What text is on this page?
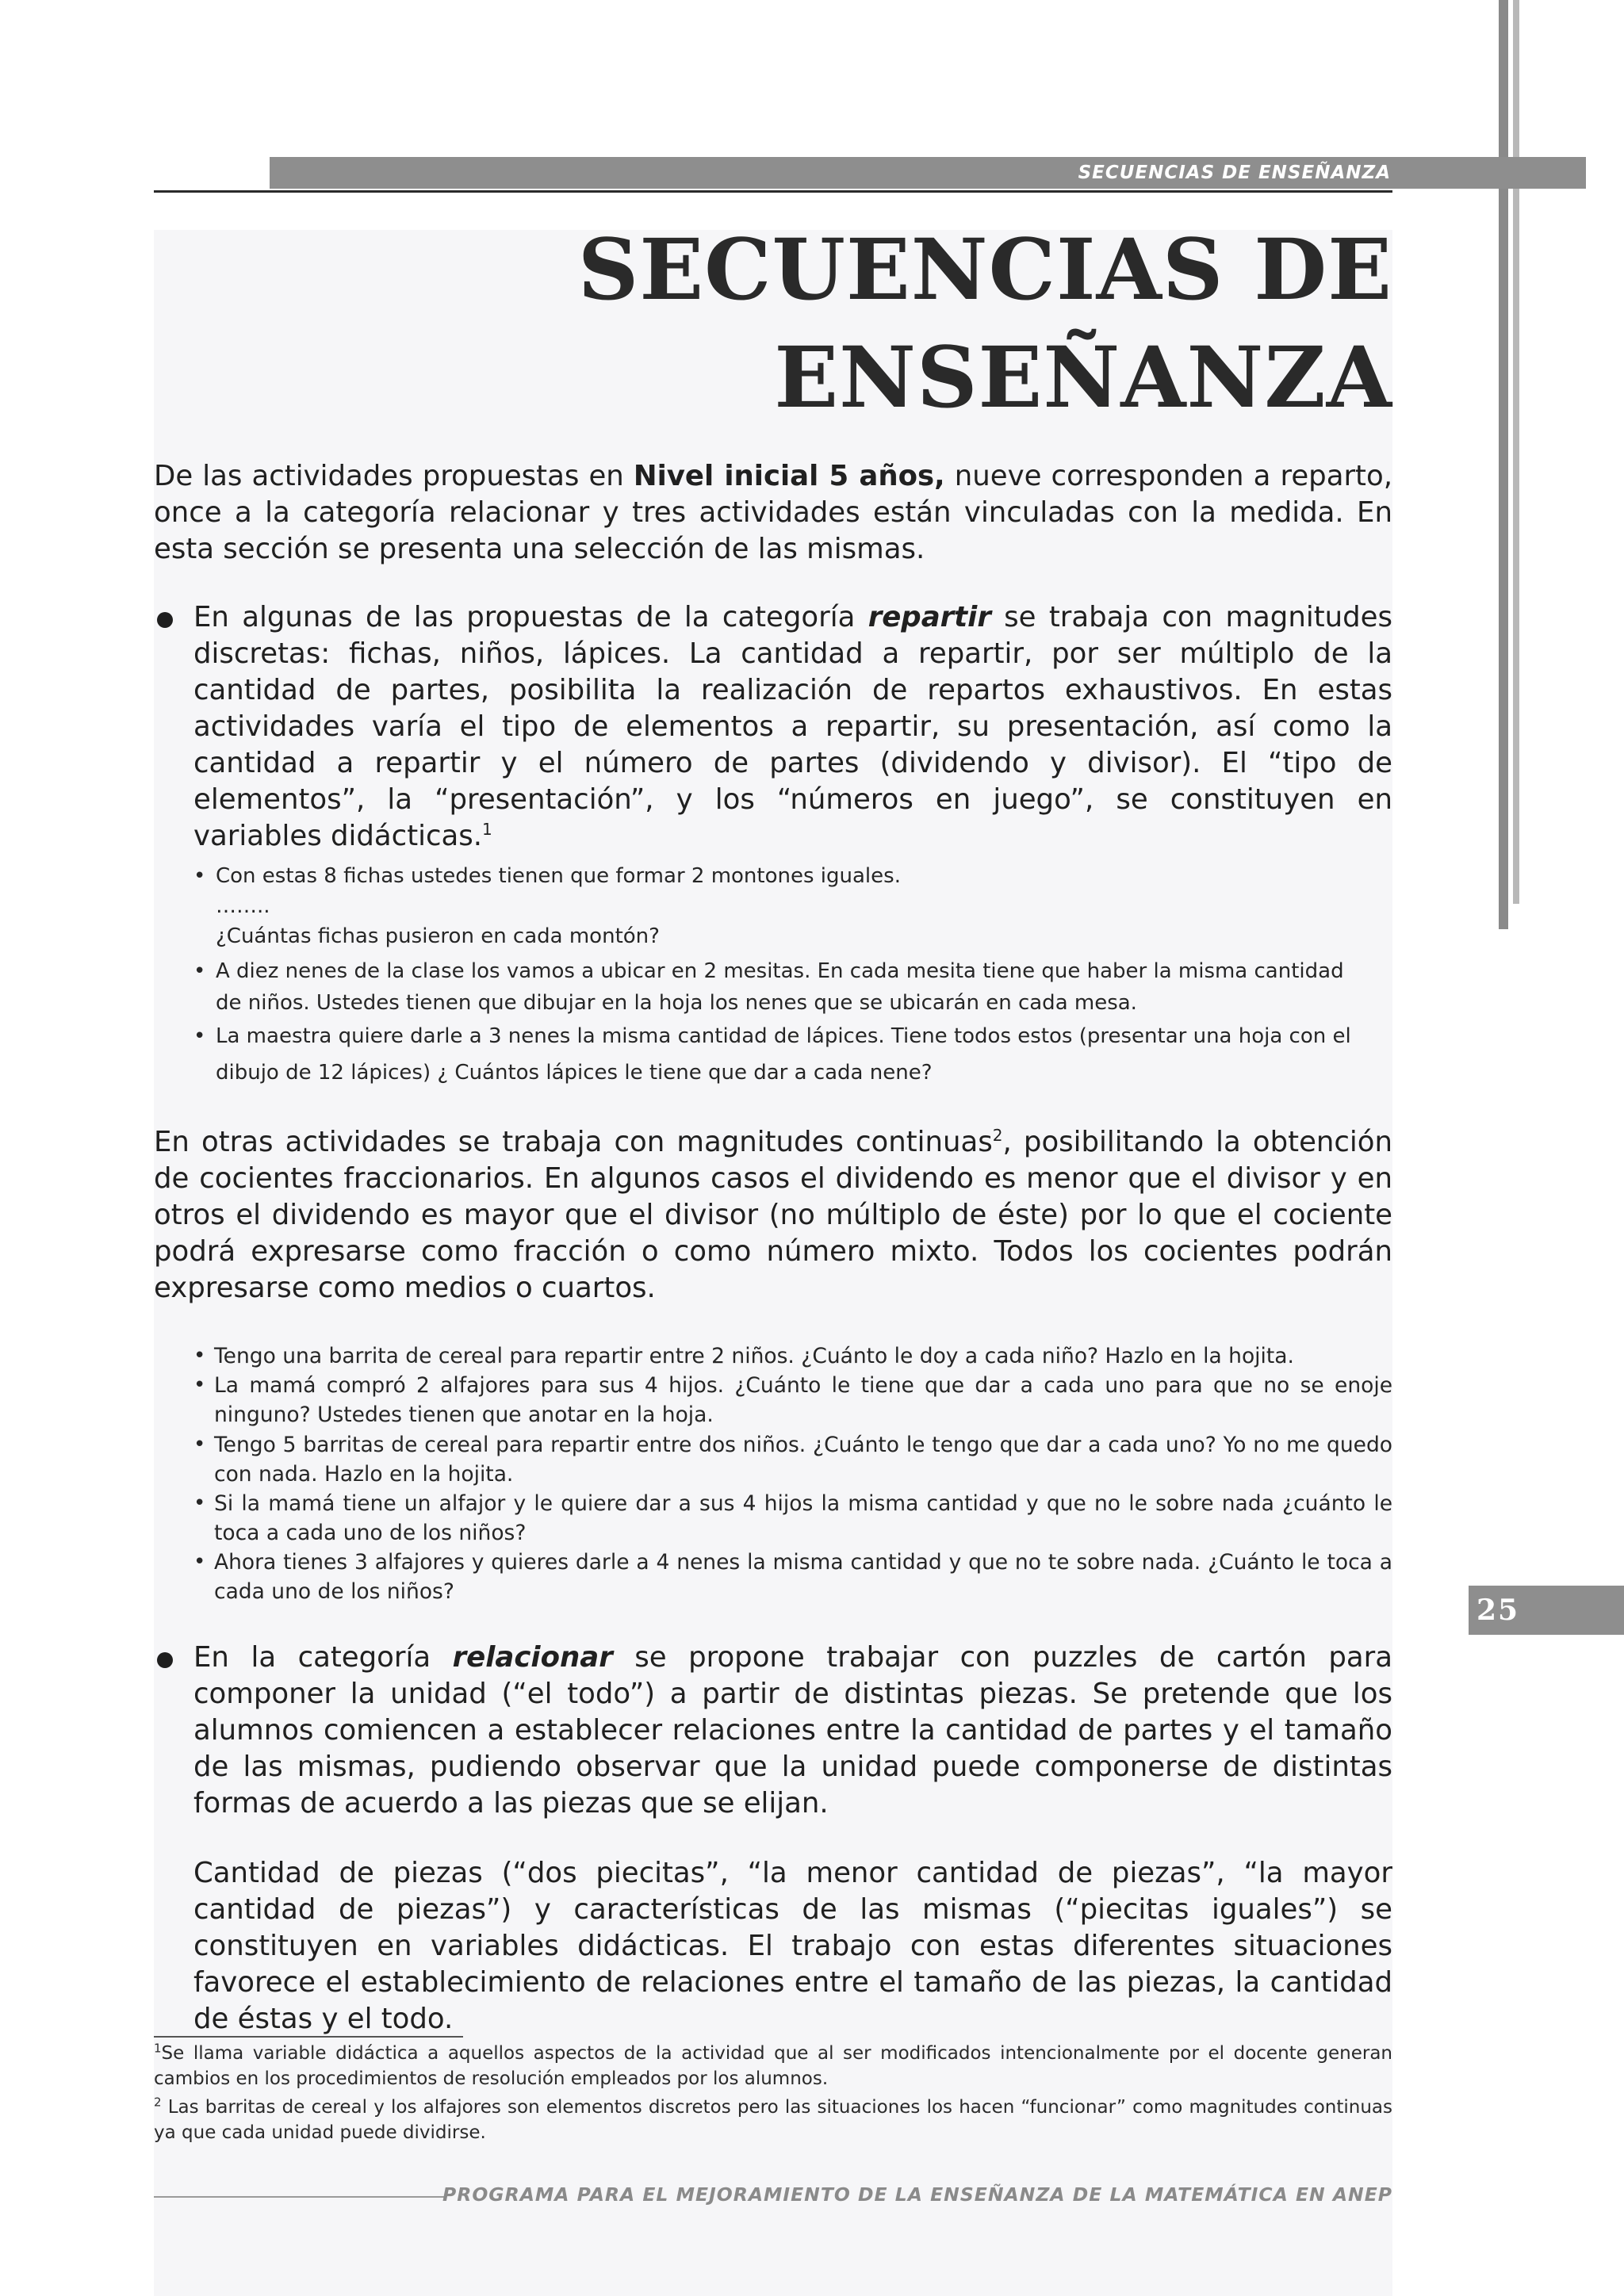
SECUENCIAS DE ENSEÑANZA
SECUENCIAS DE
ENSEÑANZA
De las actividades propuestas en Nivel inicial 5 años, nueve corresponden a reparto, once a la categoría relacionar y tres actividades están vinculadas con la medida. En esta sección se presenta una selección de las mismas.
En algunas de las propuestas de la categoría repartir se trabaja con magnitudes discretas: fichas, niños, lápices. La cantidad a repartir, por ser múltiplo de la cantidad de partes, posibilita la realización de repartos exhaustivos. En estas actividades varía el tipo de elementos a repartir, su presentación, así como la cantidad a repartir y el número de partes (dividendo y divisor). El “tipo de elementos”, la “presentación”, y los “números en juego”, se constituyen en variables didácticas.$^1$
• Con estas 8 fichas ustedes tienen que formar 2 montones iguales.
……..
¿Cuántas fichas pusieron en cada montón?
• A diez nenes de la clase los vamos a ubicar en 2 mesitas. En cada mesita tiene que haber la misma cantidad
de niños. Ustedes tienen que dibujar en la hoja los nenes que se ubicarán en cada mesa.
• La maestra quiere darle a 3 nenes la misma cantidad de lápices. Tiene todos estos (presentar una hoja con el
dibujo de 12 lápices) ¿ Cuántos lápices le tiene que dar a cada nene?
En otras actividades se trabaja con magnitudes continuas$^2$, posibilitando la obtención de cocientes fraccionarios. En algunos casos el dividendo es menor que el divisor y en otros el dividendo es mayor que el divisor (no múltiplo de éste) por lo que el cociente podrá expresarse como fracción o como número mixto. Todos los cocientes podrán expresarse como medios o cuartos.
• Tengo una barrita de cereal para repartir entre 2 niños. ¿Cuánto le doy a cada niño? Hazlo en la hojita.
• La mamá compró 2 alfajores para sus 4 hijos. ¿Cuánto le tiene que dar a cada uno para que no se enoje ninguno? Ustedes tienen que anotar en la hoja.
• Tengo 5 barritas de cereal para repartir entre dos niños. ¿Cuánto le tengo que dar a cada uno? Yo no me quedo con nada. Hazlo en la hojita.
• Si la mamá tiene un alfajor y le quiere dar a sus 4 hijos la misma cantidad y que no le sobre nada ¿cuánto le toca a cada uno de los niños?
• Ahora tienes 3 alfajores y quieres darle a 4 nenes la misma cantidad y que no te sobre nada. ¿Cuánto le toca a cada uno de los niños?
En la categoría relacionar se propone trabajar con puzzles de cartón para componer la unidad (“el todo”) a partir de distintas piezas. Se pretende que los alumnos comiencen a establecer relaciones entre la cantidad de partes y el tamaño de las mismas, pudiendo observar que la unidad puede componerse de distintas formas de acuerdo a las piezas que se elijan.
Cantidad de piezas (“dos piecitas”, “la menor cantidad de piezas”, “la mayor cantidad de piezas”) y características de las mismas (“piecitas iguales”) se constituyen en variables didácticas. El trabajo con estas diferentes situaciones favorece el establecimiento de relaciones entre el tamaño de las piezas, la cantidad de éstas y el todo.
25
$^1$Se llama variable didáctica a aquellos aspectos de la actividad que al ser modificados intencionalmente por el docente generan cambios en los procedimientos de resolución empleados por los alumnos.
$^2$ Las barritas de cereal y los alfajores son elementos discretos pero las situaciones los hacen “funcionar” como magnitudes continuas ya que cada unidad puede dividirse.
PROGRAMA PARA EL MEJORAMIENTO DE LA ENSEÑANZA DE LA MATEMÁTICA EN ANEP
